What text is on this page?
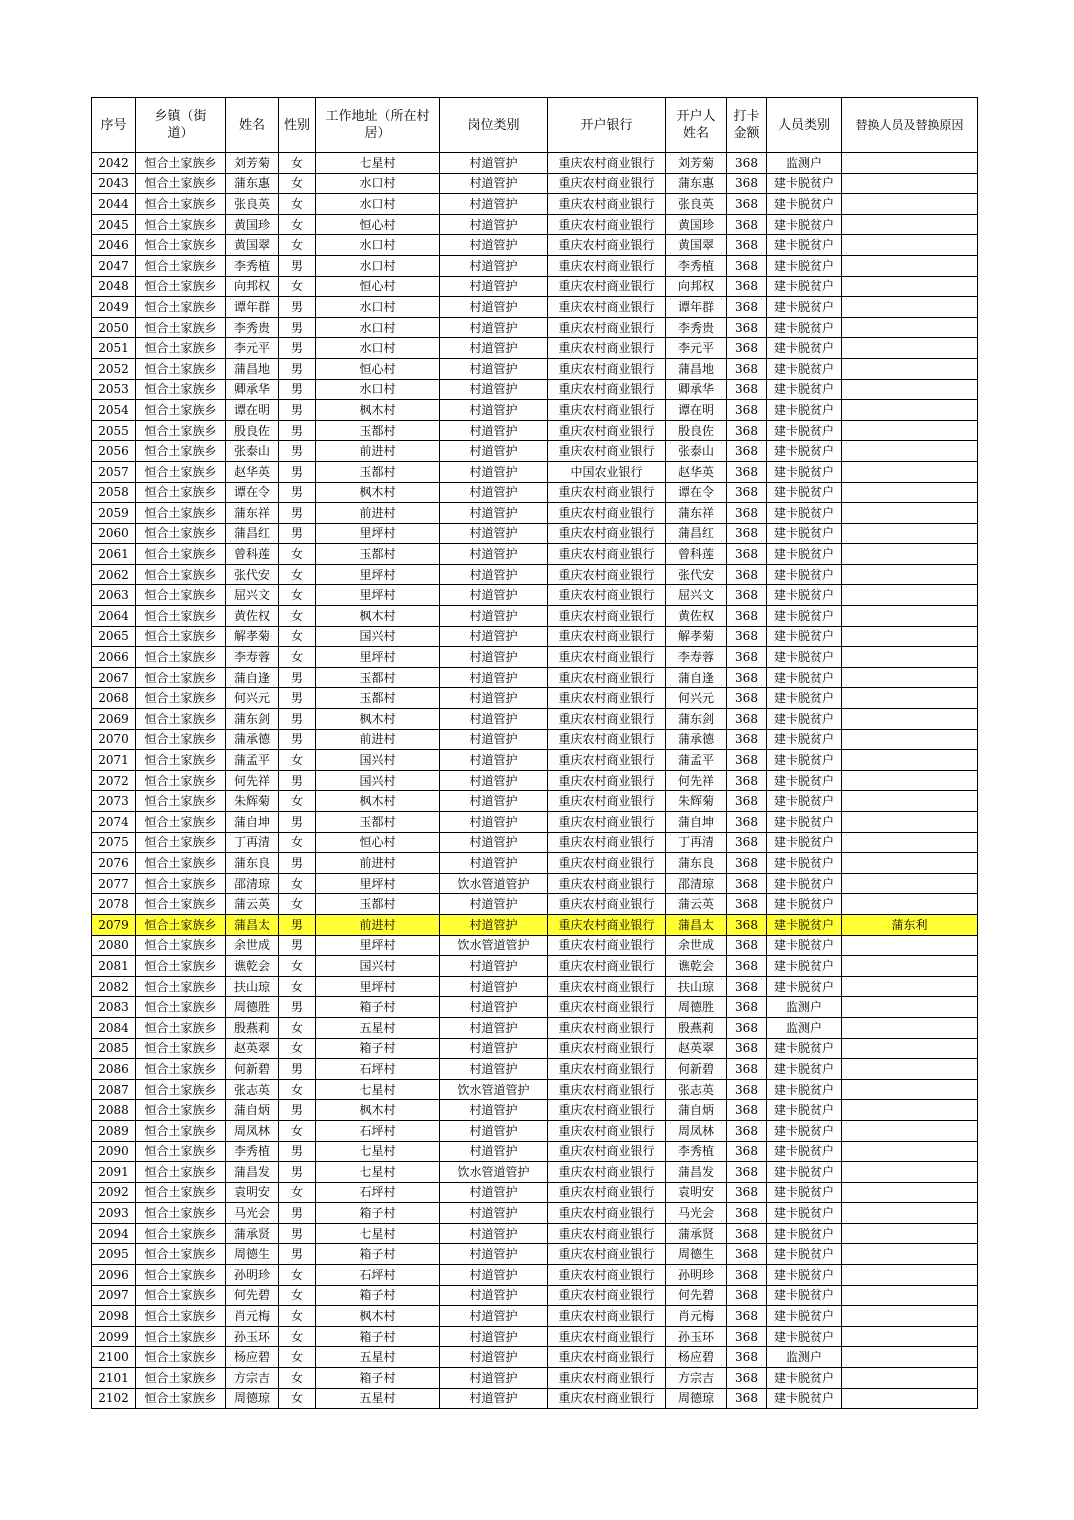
序号	乡镇（街道）	姓名	性别	工作地址（所在村居）	岗位类别	开户银行	开户人姓名	打卡金额	人员类别	替换人员及替换原因
2042	恒合土家族乡	刘芳菊	女	七星村	村道管护	重庆农村商业银行	刘芳菊	368	监测户	
2043	恒合土家族乡	蒲东惠	女	水口村	村道管护	重庆农村商业银行	蒲东惠	368	建卡脱贫户	
2044	恒合土家族乡	张良英	女	水口村	村道管护	重庆农村商业银行	张良英	368	建卡脱贫户	
2045	恒合土家族乡	黄国珍	女	恒心村	村道管护	重庆农村商业银行	黄国珍	368	建卡脱贫户	
2046	恒合土家族乡	黄国翠	女	水口村	村道管护	重庆农村商业银行	黄国翠	368	建卡脱贫户	
2047	恒合土家族乡	李秀植	男	水口村	村道管护	重庆农村商业银行	李秀植	368	建卡脱贫户	
2048	恒合土家族乡	向邦权	女	恒心村	村道管护	重庆农村商业银行	向邦权	368	建卡脱贫户	
2049	恒合土家族乡	谭年群	男	水口村	村道管护	重庆农村商业银行	谭年群	368	建卡脱贫户	
2050	恒合土家族乡	李秀贵	男	水口村	村道管护	重庆农村商业银行	李秀贵	368	建卡脱贫户	
2051	恒合土家族乡	李元平	男	水口村	村道管护	重庆农村商业银行	李元平	368	建卡脱贫户	
2052	恒合土家族乡	蒲昌地	男	恒心村	村道管护	重庆农村商业银行	蒲昌地	368	建卡脱贫户	
2053	恒合土家族乡	卿承华	男	水口村	村道管护	重庆农村商业银行	卿承华	368	建卡脱贫户	
2054	恒合土家族乡	谭在明	男	枫木村	村道管护	重庆农村商业银行	谭在明	368	建卡脱贫户	
2055	恒合土家族乡	殷良佐	男	玉都村	村道管护	重庆农村商业银行	殷良佐	368	建卡脱贫户	
2056	恒合土家族乡	张泰山	男	前进村	村道管护	重庆农村商业银行	张泰山	368	建卡脱贫户	
2057	恒合土家族乡	赵华英	男	玉都村	村道管护	中国农业银行	赵华英	368	建卡脱贫户	
2058	恒合土家族乡	谭在令	男	枫木村	村道管护	重庆农村商业银行	谭在令	368	建卡脱贫户	
2059	恒合土家族乡	蒲东祥	男	前进村	村道管护	重庆农村商业银行	蒲东祥	368	建卡脱贫户	
2060	恒合土家族乡	蒲昌红	男	里坪村	村道管护	重庆农村商业银行	蒲昌红	368	建卡脱贫户	
2061	恒合土家族乡	曾科莲	女	玉都村	村道管护	重庆农村商业银行	曾科莲	368	建卡脱贫户	
2062	恒合土家族乡	张代安	女	里坪村	村道管护	重庆农村商业银行	张代安	368	建卡脱贫户	
2063	恒合土家族乡	屈兴文	女	里坪村	村道管护	重庆农村商业银行	屈兴文	368	建卡脱贫户	
2064	恒合土家族乡	黄佐权	女	枫木村	村道管护	重庆农村商业银行	黄佐权	368	建卡脱贫户	
2065	恒合土家族乡	解孝菊	女	国兴村	村道管护	重庆农村商业银行	解孝菊	368	建卡脱贫户	
2066	恒合土家族乡	李寿蓉	女	里坪村	村道管护	重庆农村商业银行	李寿蓉	368	建卡脱贫户	
2067	恒合土家族乡	蒲自逢	男	玉都村	村道管护	重庆农村商业银行	蒲自逢	368	建卡脱贫户	
2068	恒合土家族乡	何兴元	男	玉都村	村道管护	重庆农村商业银行	何兴元	368	建卡脱贫户	
2069	恒合土家族乡	蒲东剑	男	枫木村	村道管护	重庆农村商业银行	蒲东剑	368	建卡脱贫户	
2070	恒合土家族乡	蒲承德	男	前进村	村道管护	重庆农村商业银行	蒲承德	368	建卡脱贫户	
2071	恒合土家族乡	蒲孟平	女	国兴村	村道管护	重庆农村商业银行	蒲孟平	368	建卡脱贫户	
2072	恒合土家族乡	何先祥	男	国兴村	村道管护	重庆农村商业银行	何先祥	368	建卡脱贫户	
2073	恒合土家族乡	朱辉菊	女	枫木村	村道管护	重庆农村商业银行	朱辉菊	368	建卡脱贫户	
2074	恒合土家族乡	蒲自坤	男	玉都村	村道管护	重庆农村商业银行	蒲自坤	368	建卡脱贫户	
2075	恒合土家族乡	丁再清	女	恒心村	村道管护	重庆农村商业银行	丁再清	368	建卡脱贫户	
2076	恒合土家族乡	蒲东良	男	前进村	村道管护	重庆农村商业银行	蒲东良	368	建卡脱贫户	
2077	恒合土家族乡	邵清琼	女	里坪村	饮水管道管护	重庆农村商业银行	邵清琼	368	建卡脱贫户	
2078	恒合土家族乡	蒲云英	女	玉都村	村道管护	重庆农村商业银行	蒲云英	368	建卡脱贫户	
2079	恒合土家族乡	蒲昌太	男	前进村	村道管护	重庆农村商业银行	蒲昌太	368	建卡脱贫户	蒲东利
2080	恒合土家族乡	余世成	男	里坪村	饮水管道管护	重庆农村商业银行	余世成	368	建卡脱贫户	
2081	恒合土家族乡	谯乾会	女	国兴村	村道管护	重庆农村商业银行	谯乾会	368	建卡脱贫户	
2082	恒合土家族乡	扶山琼	女	里坪村	村道管护	重庆农村商业银行	扶山琼	368	建卡脱贫户	
2083	恒合土家族乡	周德胜	男	箱子村	村道管护	重庆农村商业银行	周德胜	368	监测户	
2084	恒合土家族乡	殷燕莉	女	五星村	村道管护	重庆农村商业银行	殷燕莉	368	监测户	
2085	恒合土家族乡	赵英翠	女	箱子村	村道管护	重庆农村商业银行	赵英翠	368	建卡脱贫户	
2086	恒合土家族乡	何新碧	男	石坪村	村道管护	重庆农村商业银行	何新碧	368	建卡脱贫户	
2087	恒合土家族乡	张志英	女	七星村	饮水管道管护	重庆农村商业银行	张志英	368	建卡脱贫户	
2088	恒合土家族乡	蒲自炳	男	枫木村	村道管护	重庆农村商业银行	蒲自炳	368	建卡脱贫户	
2089	恒合土家族乡	周凤林	女	石坪村	村道管护	重庆农村商业银行	周凤林	368	建卡脱贫户	
2090	恒合土家族乡	李秀植	男	七星村	村道管护	重庆农村商业银行	李秀植	368	建卡脱贫户	
2091	恒合土家族乡	蒲昌发	男	七星村	饮水管道管护	重庆农村商业银行	蒲昌发	368	建卡脱贫户	
2092	恒合土家族乡	袁明安	女	石坪村	村道管护	重庆农村商业银行	袁明安	368	建卡脱贫户	
2093	恒合土家族乡	马光会	男	箱子村	村道管护	重庆农村商业银行	马光会	368	建卡脱贫户	
2094	恒合土家族乡	蒲承贤	男	七星村	村道管护	重庆农村商业银行	蒲承贤	368	建卡脱贫户	
2095	恒合土家族乡	周德生	男	箱子村	村道管护	重庆农村商业银行	周德生	368	建卡脱贫户	
2096	恒合土家族乡	孙明珍	女	石坪村	村道管护	重庆农村商业银行	孙明珍	368	建卡脱贫户	
2097	恒合土家族乡	何先碧	女	箱子村	村道管护	重庆农村商业银行	何先碧	368	建卡脱贫户	
2098	恒合土家族乡	肖元梅	女	枫木村	村道管护	重庆农村商业银行	肖元梅	368	建卡脱贫户	
2099	恒合土家族乡	孙玉环	女	箱子村	村道管护	重庆农村商业银行	孙玉环	368	建卡脱贫户	
2100	恒合土家族乡	杨应碧	女	五星村	村道管护	重庆农村商业银行	杨应碧	368	监测户	
2101	恒合土家族乡	方宗吉	女	箱子村	村道管护	重庆农村商业银行	方宗吉	368	建卡脱贫户	
2102	恒合土家族乡	周德琼	女	五星村	村道管护	重庆农村商业银行	周德琼	368	建卡脱贫户	
